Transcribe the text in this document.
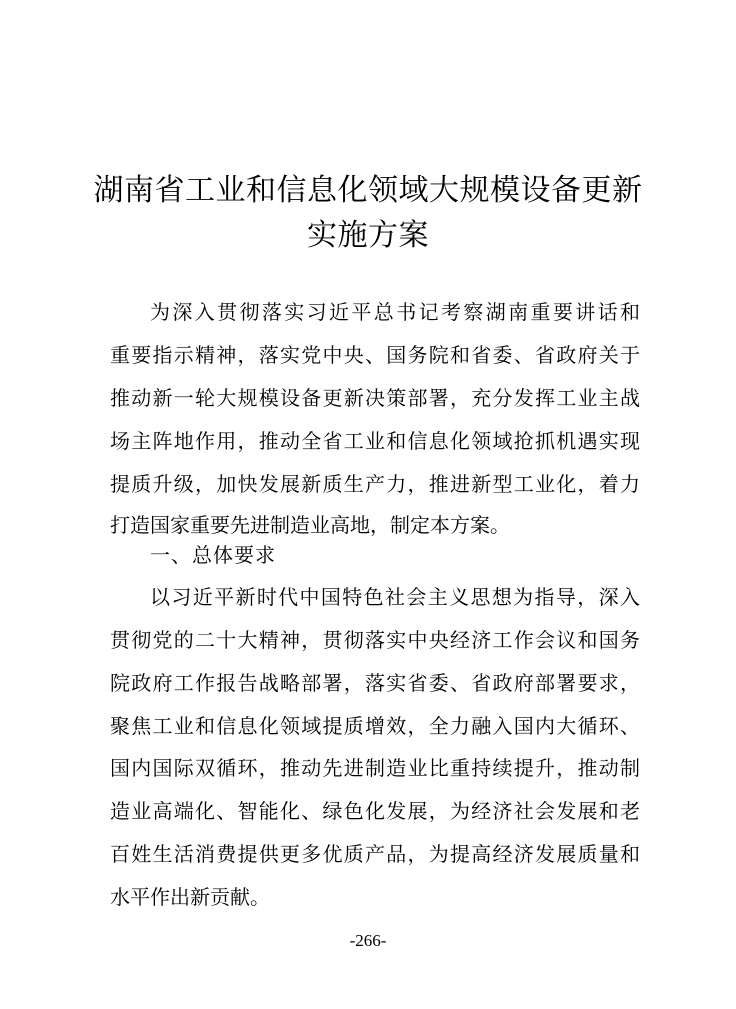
湖南省工业和信息化领域大规模设备更新
实施方案
为深入贯彻落实习近平总书记考察湖南重要讲话和
重要指示精神，落实党中央、国务院和省委、省政府关于
推动新一轮大规模设备更新决策部署，充分发挥工业主战
场主阵地作用，推动全省工业和信息化领域抢抓机遇实现
提质升级，加快发展新质生产力，推进新型工业化，着力
打造国家重要先进制造业高地，制定本方案。
一、总体要求
以习近平新时代中国特色社会主义思想为指导，深入
贯彻党的二十大精神，贯彻落实中央经济工作会议和国务
院政府工作报告战略部署，落实省委、省政府部署要求，
聚焦工业和信息化领域提质增效，全力融入国内大循环、
国内国际双循环，推动先进制造业比重持续提升，推动制
造业高端化、智能化、绿色化发展，为经济社会发展和老
百姓生活消费提供更多优质产品，为提高经济发展质量和
水平作出新贡献。
-266-
